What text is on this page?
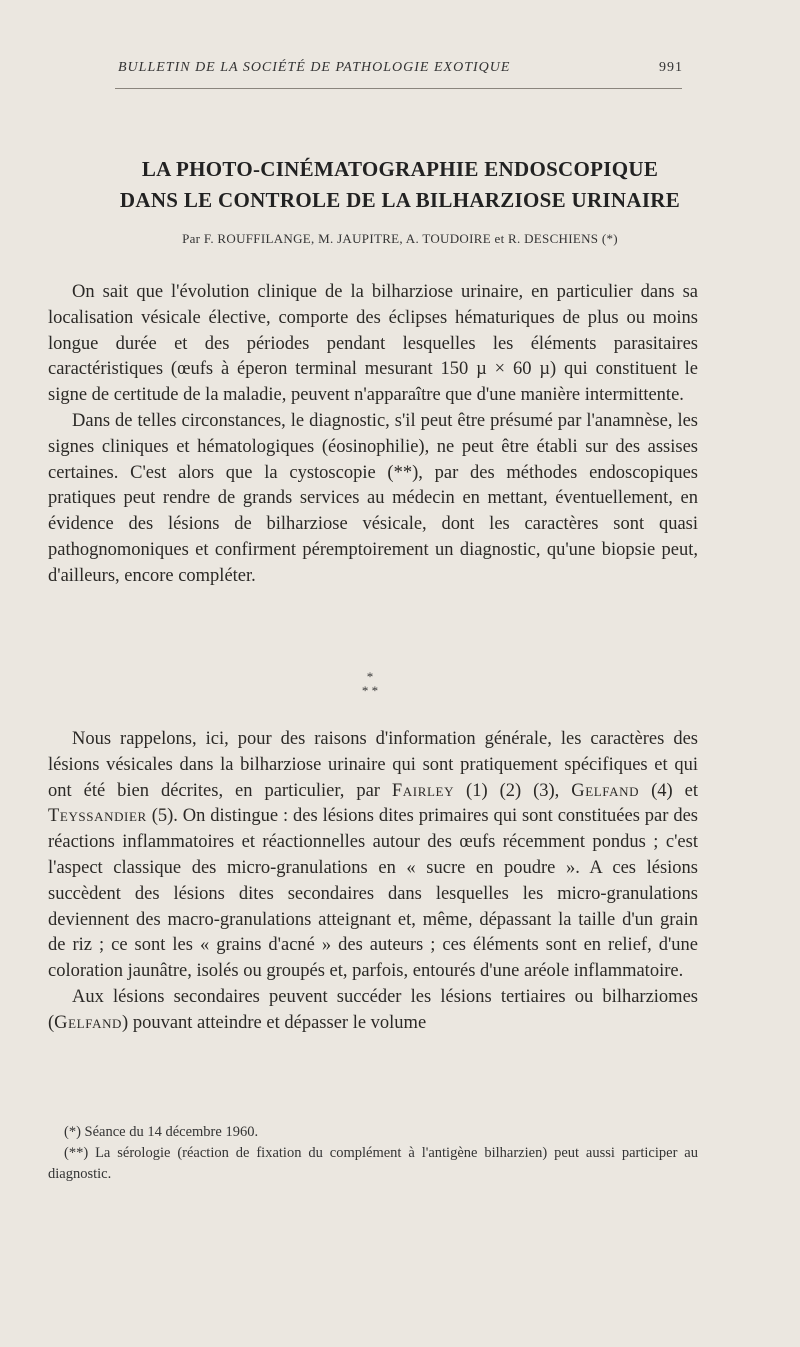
BULLETIN DE LA SOCIÉTÉ DE PATHOLOGIE EXOTIQUE	991
LA PHOTO-CINÉMATOGRAPHIE ENDOSCOPIQUE
DANS LE CONTROLE DE LA BILHARZIOSE URINAIRE
Par F. ROUFFILANGE, M. JAUPITRE, A. TOUDOIRE et R. DESCHIENS (*)

On sait que l'évolution clinique de la bilharziose urinaire, en particulier dans sa localisation vésicale élective, comporte des éclipses hématuriques de plus ou moins longue durée et des périodes pendant lesquelles les éléments parasitaires caractéristiques (œufs à éperon terminal mesurant 150 µ × 60 µ) qui constituent le signe de certitude de la maladie, peuvent n'apparaître que d'une manière intermittente.

Dans de telles circonstances, le diagnostic, s'il peut être présumé par l'anamnèse, les signes cliniques et hématologiques (éosinophilie), ne peut être établi sur des assises certaines. C'est alors que la cystoscopie (**), par des méthodes endoscopiques pratiques peut rendre de grands services au médecin en mettant, éventuellement, en évidence des lésions de bilharziose vésicale, dont les caractères sont quasi pathognomoniques et confirment péremptoirement un diagnostic, qu'une biopsie peut, d'ailleurs, encore compléter.

*
* *

Nous rappelons, ici, pour des raisons d'information générale, les caractères des lésions vésicales dans la bilharziose urinaire qui sont pratiquement spécifiques et qui ont été bien décrites, en particulier, par Fairley (1) (2) (3), Gelfand (4) et Teyssandier (5). On distingue : des lésions dites primaires qui sont constituées par des réactions inflammatoires et réactionnelles autour des œufs récemment pondus ; c'est l'aspect classique des micro-granulations en « sucre en poudre ». A ces lésions succèdent des lésions dites secondaires dans lesquelles les micro-granulations deviennent des macro-granulations atteignant et, même, dépassant la taille d'un grain de riz ; ce sont les « grains d'acné » des auteurs ; ces éléments sont en relief, d'une coloration jaunâtre, isolés ou groupés et, parfois, entourés d'une aréole inflammatoire.

Aux lésions secondaires peuvent succéder les lésions tertiaires ou bilharziomes (Gelfand) pouvant atteindre et dépasser le volume

(*) Séance du 14 décembre 1960.

(**) La sérologie (réaction de fixation du complément à l'antigène bilharzien) peut aussi participer au diagnostic.
